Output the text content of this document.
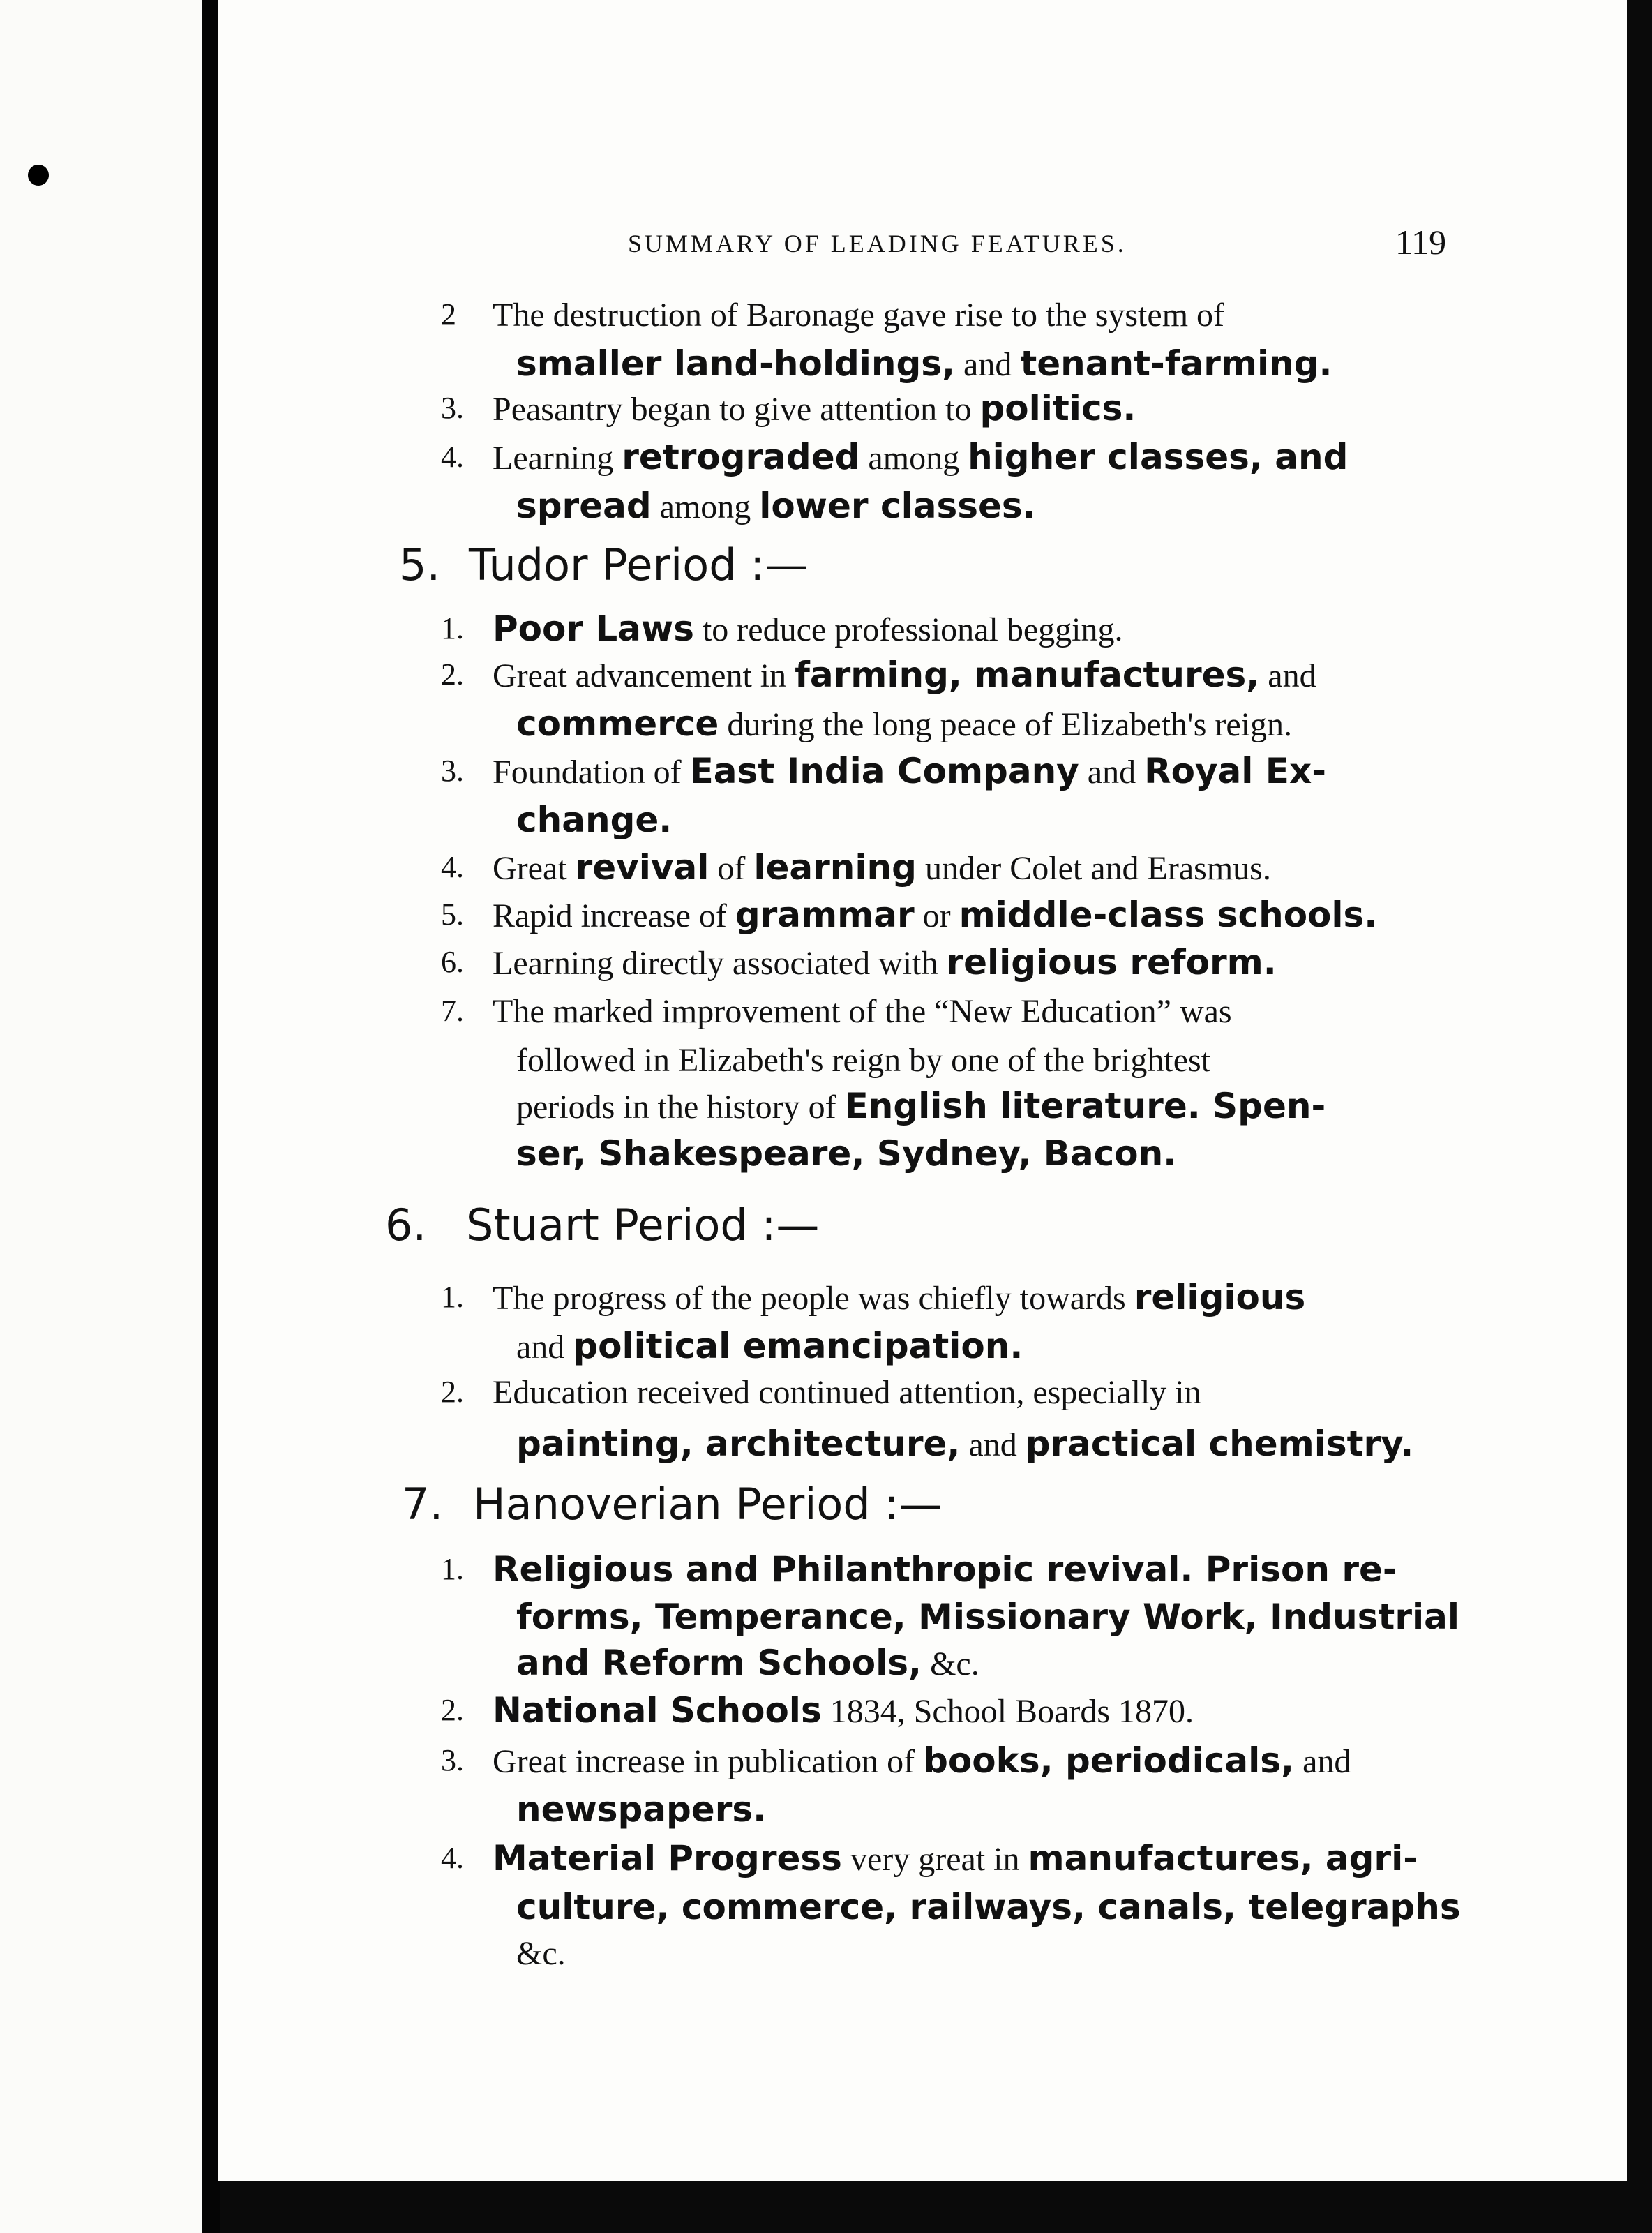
SUMMARY OF LEADING FEATURES.	119
2 The destruction of Baronage gave rise to the system of
smaller land-holdings, and tenant-farming.
3. Peasantry began to give attention to politics.
4. Learning retrograded among higher classes, and
spread among lower classes.
5. Tudor Period :—
1. Poor Laws to reduce professional begging.
2. Great advancement in farming, manufactures, and
commerce during the long peace of Elizabeth's reign.
3. Foundation of East India Company and Royal Ex-
change.
4. Great revival of learning under Colet and Erasmus.
5. Rapid increase of grammar or middle-class schools.
6. Learning directly associated with religious reform.
7. The marked improvement of the “New Education” was
followed in Elizabeth's reign by one of the brightest
periods in the history of English literature. Spen-
ser, Shakespeare, Sydney, Bacon.
6. Stuart Period :—
1. The progress of the people was chiefly towards religious
and political emancipation.
2. Education received continued attention, especially in
painting, architecture, and practical chemistry.
7. Hanoverian Period :—
1. Religious and Philanthropic revival. Prison re-
forms, Temperance, Missionary Work, Industrial
and Reform Schools, &c.
2. National Schools 1834, School Boards 1870.
3. Great increase in publication of books, periodicals, and
newspapers.
4. Material Progress very great in manufactures, agri-
culture, commerce, railways, canals, telegraphs
&c.
